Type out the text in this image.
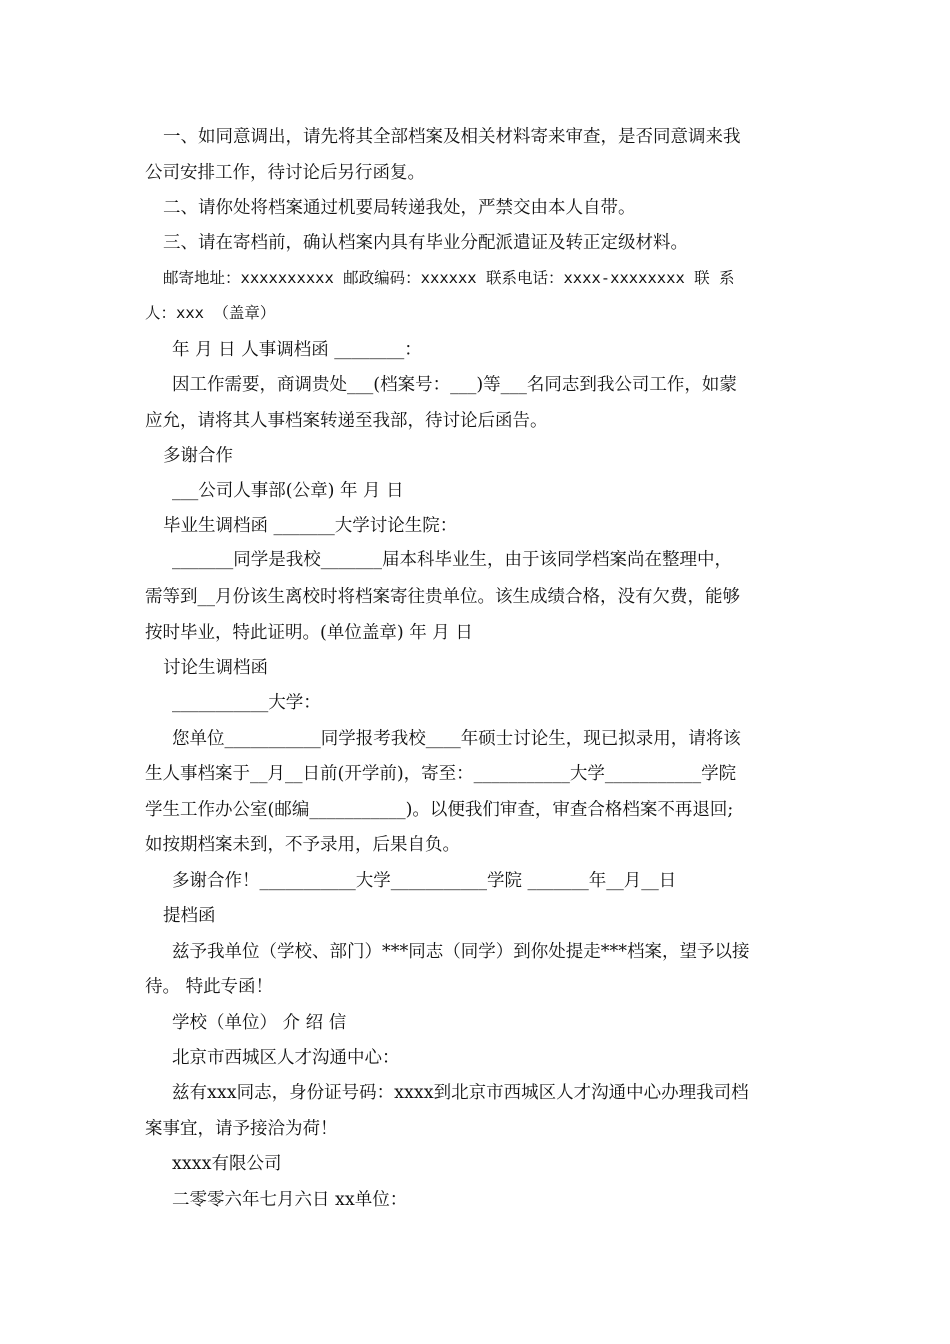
一、如同意调出，请先将其全部档案及相关材料寄来审查，是否同意调来我
公司安排工作，待讨论后另行函复。
二、请你处将档案通过机要局转递我处，严禁交由本人自带。
三、请在寄档前，确认档案内具有毕业分配派遣证及转正定级材料。
邮寄地址：xxxxxxxxxx 邮政编码：xxxxxx 联系电话：xxxx-xxxxxxxx 联 系
人：xxx （盖章）
年 月 日 人事调档函 ________：
因工作需要，商调贵处___(档案号：___)等___名同志到我公司工作，如蒙
应允，请将其人事档案转递至我部，待讨论后函告。
多谢合作
___公司人事部(公章) 年 月 日
毕业生调档函 _______大学讨论生院：
_______同学是我校_______届本科毕业生，由于该同学档案尚在整理中，
需等到__月份该生离校时将档案寄往贵单位。该生成绩合格，没有欠费，能够
按时毕业，特此证明。(单位盖章) 年 月 日
讨论生调档函
___________大学：
您单位___________同学报考我校____年硕士讨论生，现已拟录用，请将该
生人事档案于__月__日前(开学前)，寄至：___________大学___________学院
学生工作办公室(邮编___________)。以便我们审查，审查合格档案不再退回;
如按期档案未到，不予录用，后果自负。
多谢合作！___________大学___________学院 _______年__月__日
提档函
兹予我单位（学校、部门）***同志（同学）到你处提走***档案，望予以接
待。 特此专函！
学校（单位） 介 绍 信
北京市西城区人才沟通中心：
兹有xxx同志，身份证号码：xxxx到北京市西城区人才沟通中心办理我司档
案事宜，请予接洽为荷！
xxxx有限公司
二零零六年七月六日 xx单位：
